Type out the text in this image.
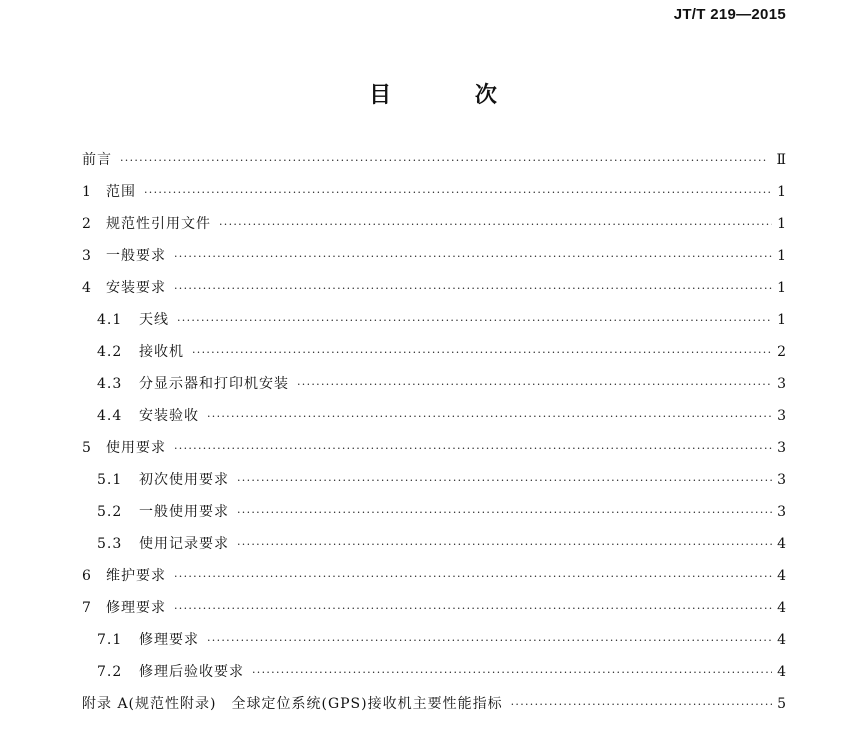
JT/T 219—2015
目 次
前言 ·····	Ⅱ
1	范围 ·····	1
2	规范性引用文件 ·····	1
3	一般要求 ·····	1
4	安装要求 ·····	1
4.1	天线 ·····	1
4.2	接收机 ·····	2
4.3	分显示器和打印机安装 ·····	3
4.4	安装验收 ·····	3
5	使用要求 ·····	3
5.1	初次使用要求 ·····	3
5.2	一般使用要求 ·····	3
5.3	使用记录要求 ·····	4
6	维护要求 ·····	4
7	修理要求 ·····	4
7.1	修理要求 ·····	4
7.2	修理后验收要求 ·····	4
附录 A(规范性附录)　全球定位系统(GPS)接收机主要性能指标 ·····	5
